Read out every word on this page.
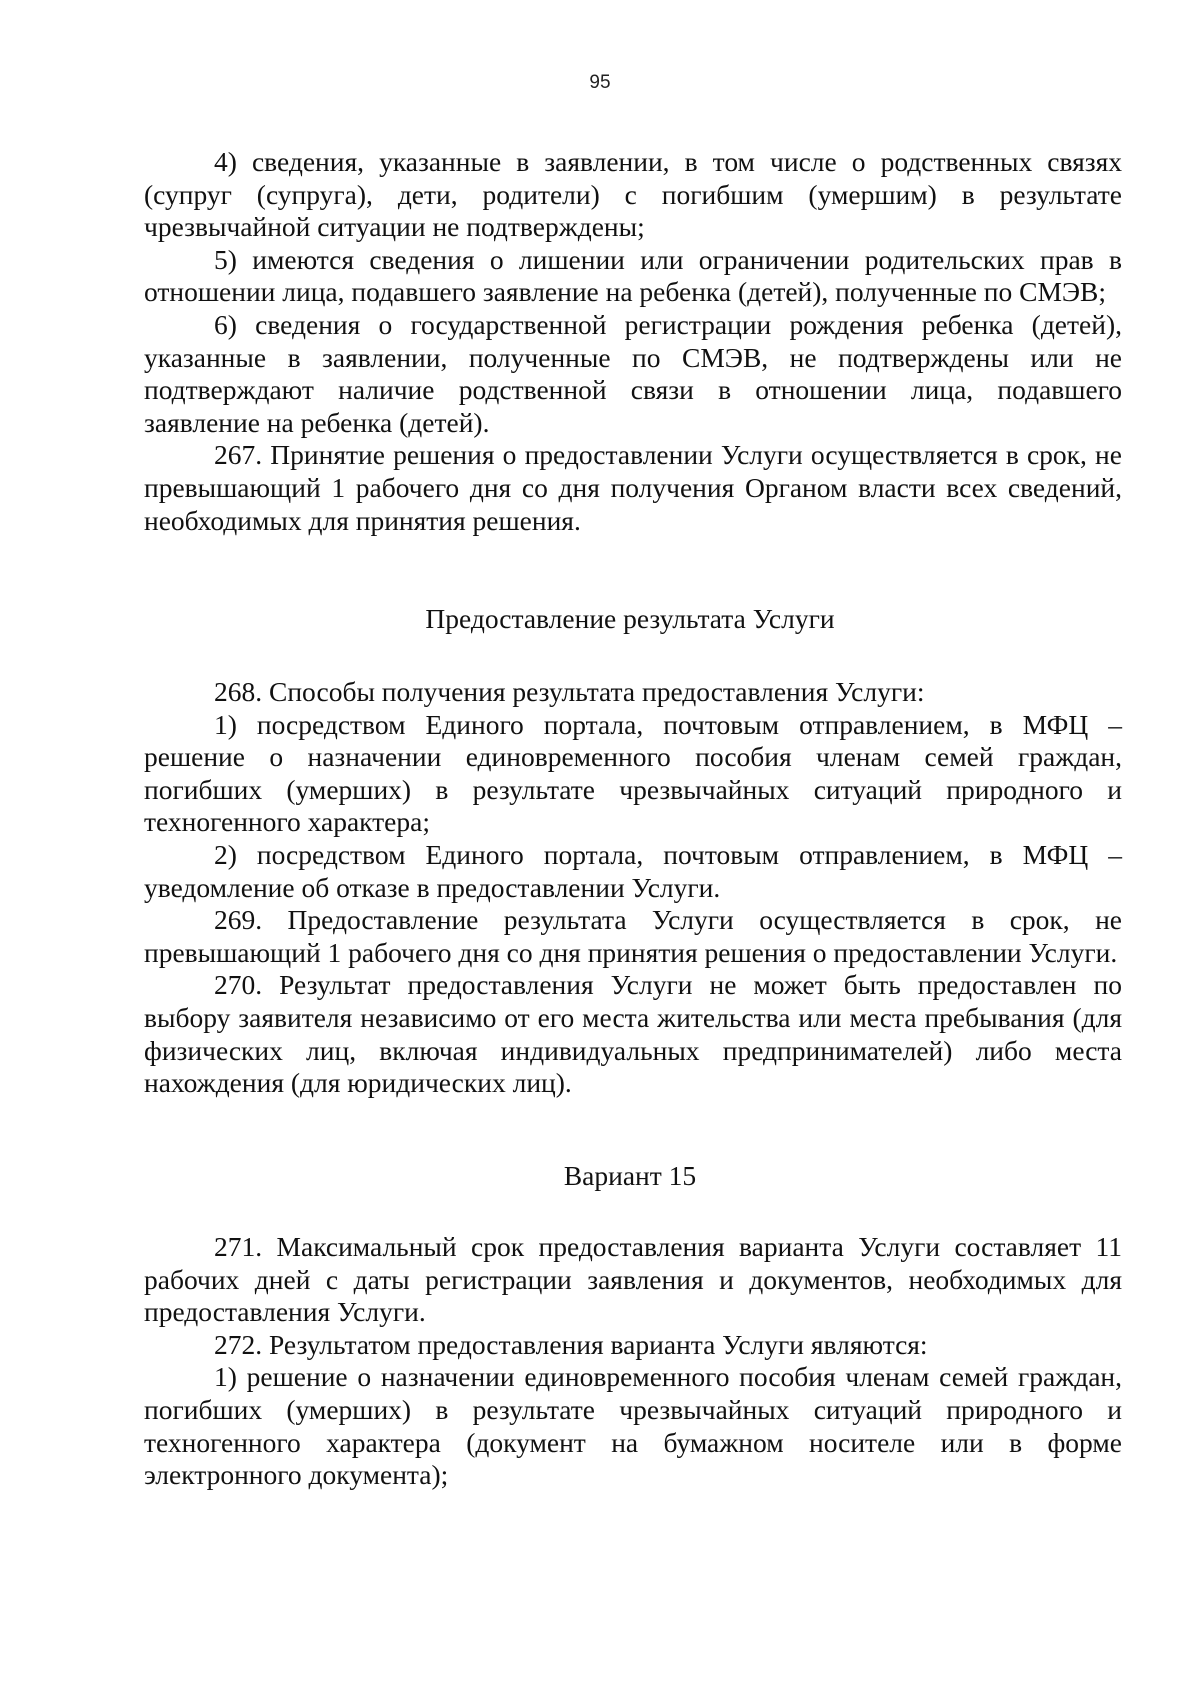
95

4) сведения, указанные в заявлении, в том числе о родственных связях (супруг (супруга), дети, родители) с погибшим (умершим) в результате чрезвычайной ситуации не подтверждены;

5) имеются сведения о лишении или ограничении родительских прав в отношении лица, подавшего заявление на ребенка (детей), полученные по СМЭВ;

6) сведения о государственной регистрации рождения ребенка (детей), указанные в заявлении, полученные по СМЭВ, не подтверждены или не подтверждают наличие родственной связи в отношении лица, подавшего заявление на ребенка (детей).

267. Принятие решения о предоставлении Услуги осуществляется в срок, не превышающий 1 рабочего дня со дня получения Органом власти всех сведений, необходимых для принятия решения.

Предоставление результата Услуги

268. Способы получения результата предоставления Услуги:

1) посредством Единого портала, почтовым отправлением, в МФЦ – решение о назначении единовременного пособия членам семей граждан, погибших (умерших) в результате чрезвычайных ситуаций природного и техногенного характера;

2) посредством Единого портала, почтовым отправлением, в МФЦ – уведомление об отказе в предоставлении Услуги.

269. Предоставление результата Услуги осуществляется в срок, не превышающий 1 рабочего дня со дня принятия решения о предоставлении Услуги.

270. Результат предоставления Услуги не может быть предоставлен по выбору заявителя независимо от его места жительства или места пребывания (для физических лиц, включая индивидуальных предпринимателей) либо места нахождения (для юридических лиц).

Вариант 15

271. Максимальный срок предоставления варианта Услуги составляет 11 рабочих дней с даты регистрации заявления и документов, необходимых для предоставления Услуги.

272. Результатом предоставления варианта Услуги являются:

1) решение о назначении единовременного пособия членам семей граждан, погибших (умерших) в результате чрезвычайных ситуаций природного и техногенного характера (документ на бумажном носителе или в форме электронного документа);
